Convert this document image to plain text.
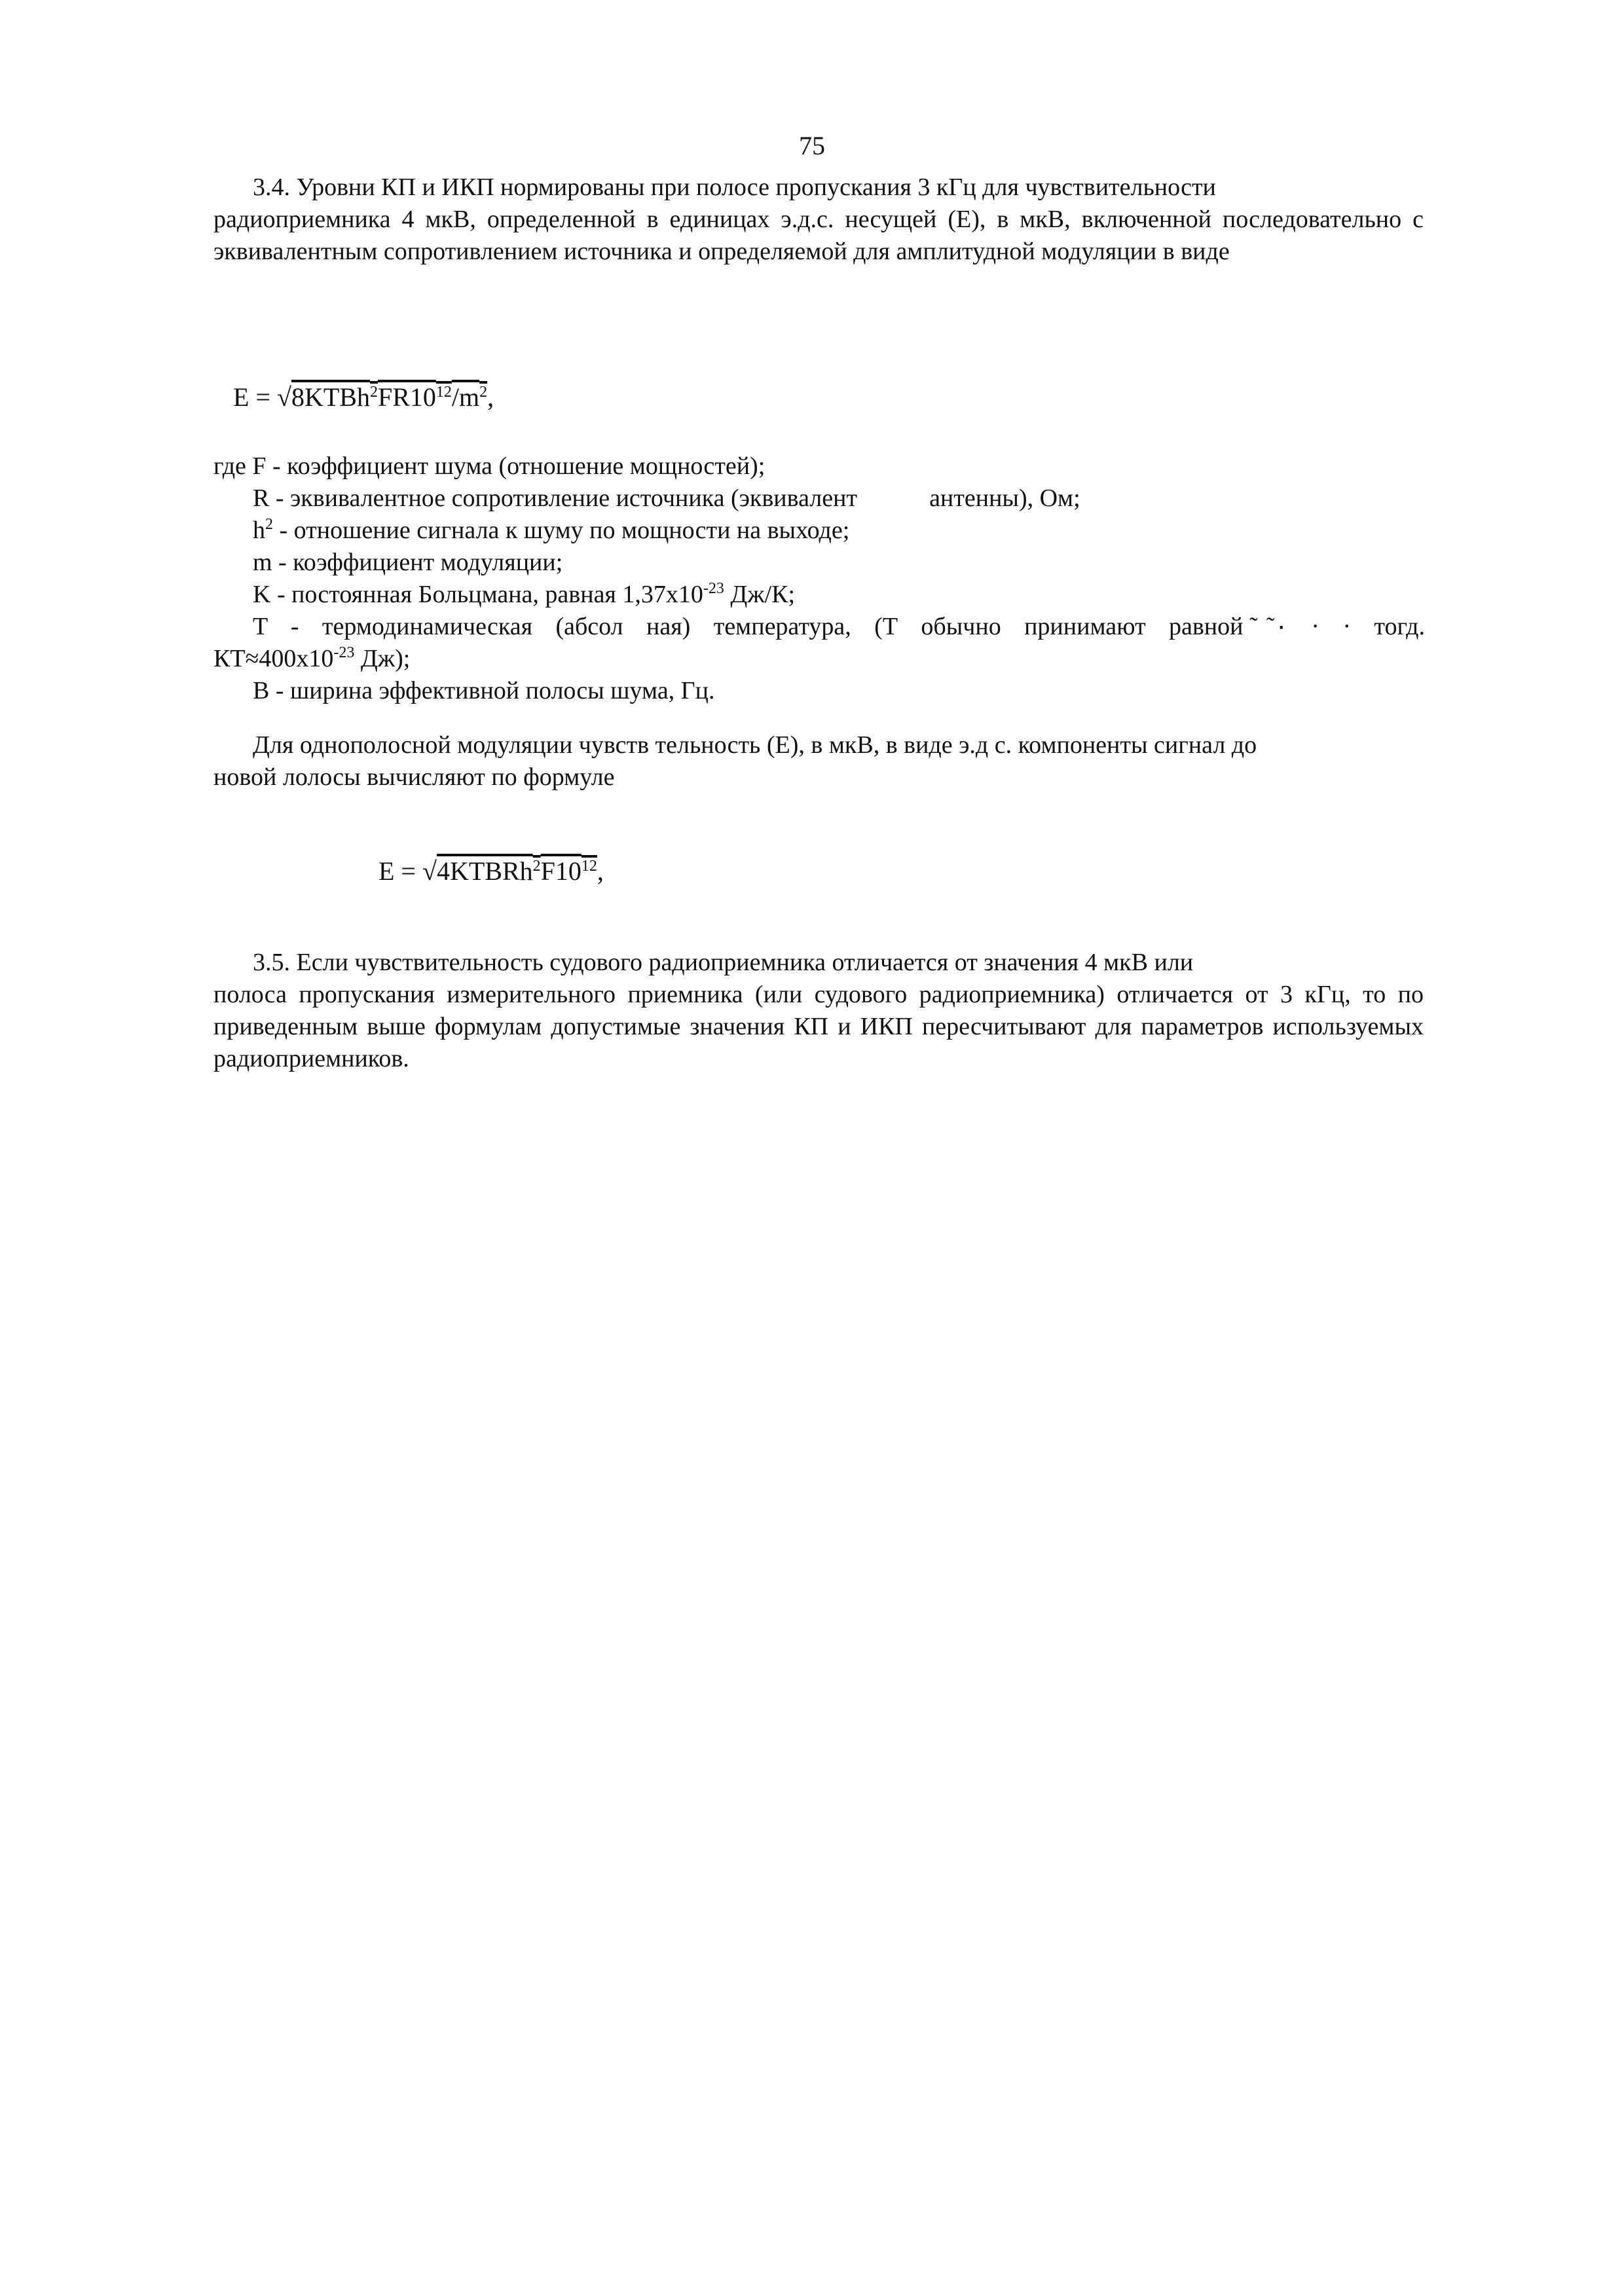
75
3.4. Уровни КП и ИКП нормированы при полосе пропускания 3 кГц для чувствительности
радиоприемника 4 мкВ, определенной в единицах э.д.с. несущей (Е), в мкВ, включенной последовательно с эквивалентным сопротивлением источника и определяемой для амплитудной модуляции в виде
$E = √8KTBh^2FR10^{12}/m^2$,
где F - коэффициент шума (отношение мощностей);
R - эквивалентное сопротивление источника (эквивалент	антенны), Ом;
$h^2$ - отношение сигнала к шуму по мощности на выходе;
m - коэффициент модуляции;
K - постоянная Больцмана, равная $1,37x10^{-23}$ Дж/К;
T - термодинамическая (абсол ная) температура, (Т обычно принимают равной ̃˜٠ · · тогд.
$КТ\approx 400x10^{-23}$ Дж);
B - ширина эффективной полосы шума, Гц.
Для однополосной модуляции чувств тельность (Е), в мкВ, в виде э.д с. компоненты сигнал до
новой лолосы вычисляют по формуле
$E = √4KTBRh^2F10^{12}$,
3.5. Если чувствительность судового радиоприемника отличается от значения 4 мкВ или
полоса пропускания измерительного приемника (или судового радиоприемника) отличается от 3 кГц, то по приведенным выше формулам допустимые значения КП и ИКП пересчитывают для параметров используемых радиоприемников.
